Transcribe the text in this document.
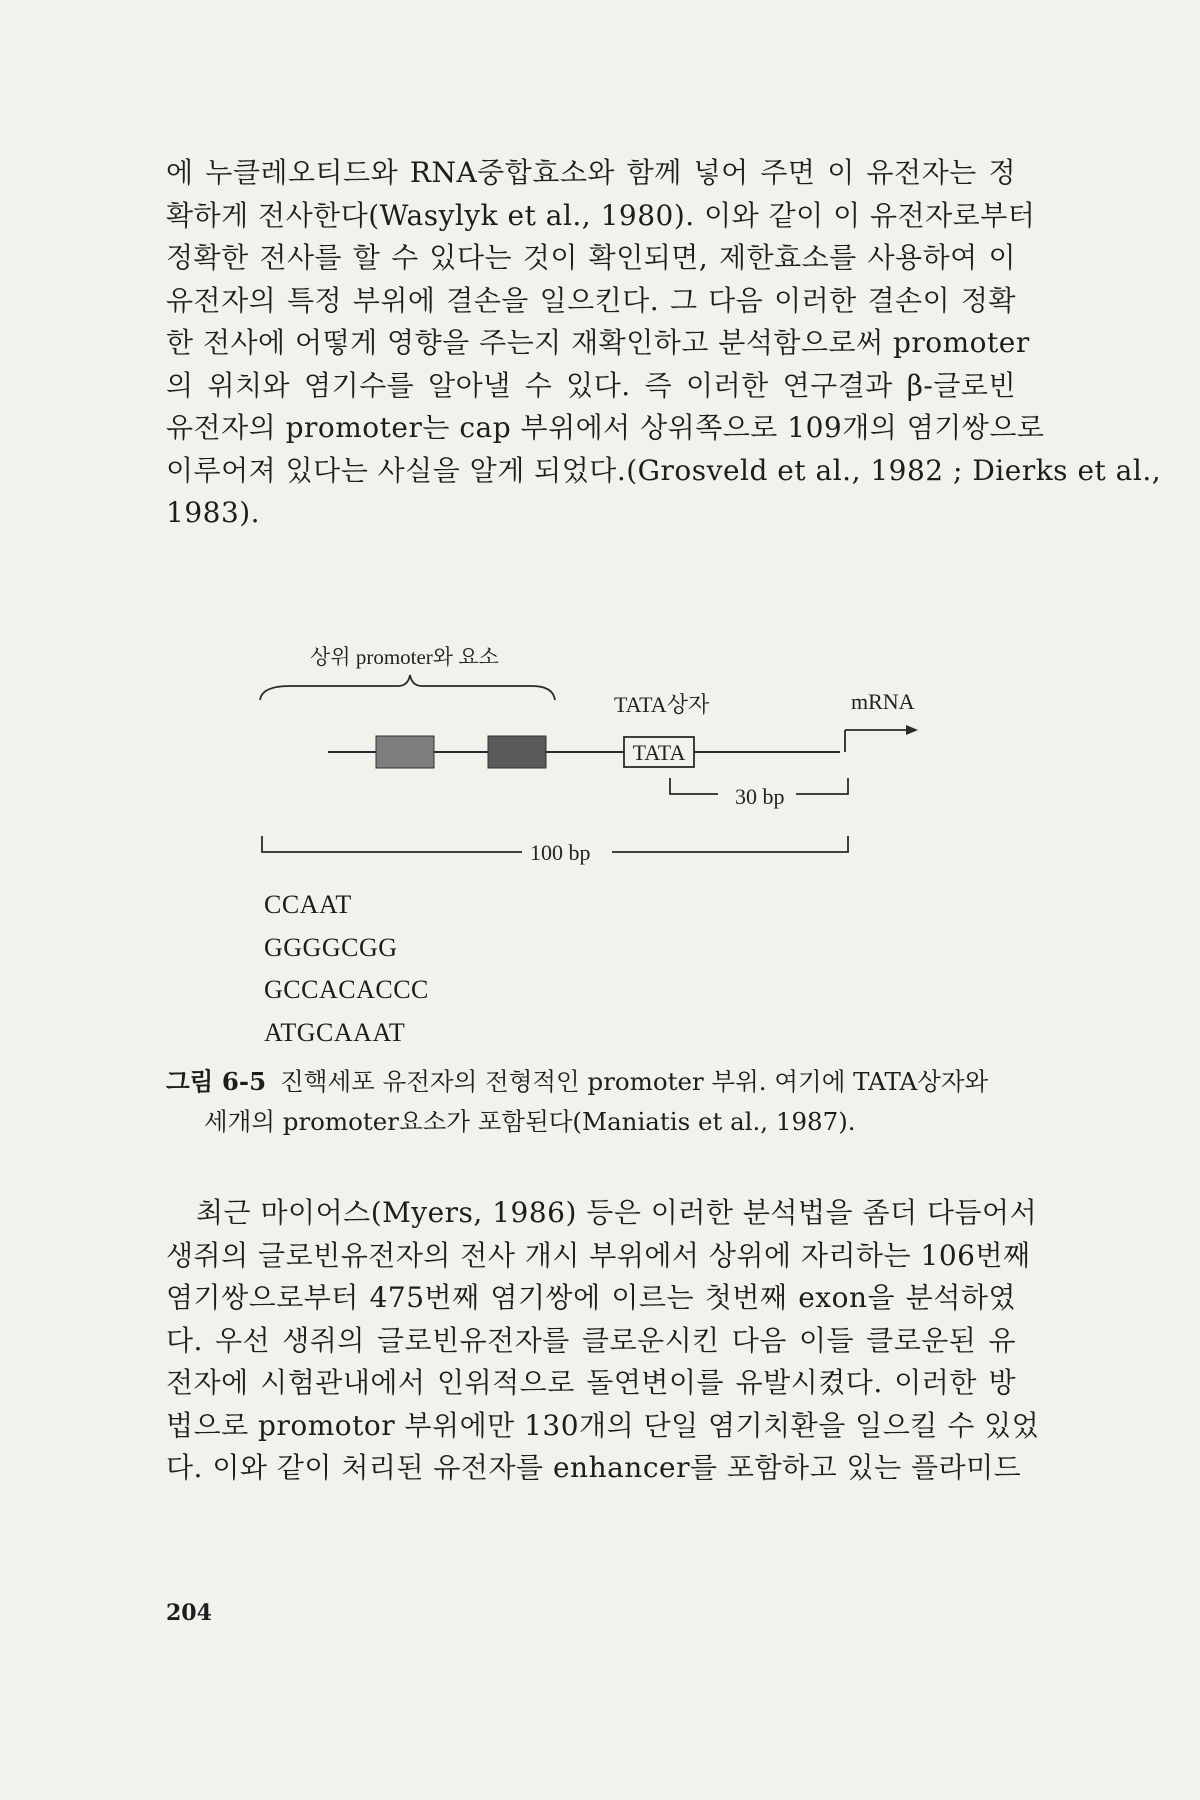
에 누클레오티드와 RNA중합효소와 함께 넣어 주면 이 유전자는 정
확하게 전사한다(Wasylyk et al., 1980). 이와 같이 이 유전자로부터
정확한 전사를 할 수 있다는 것이 확인되면, 제한효소를 사용하여 이
유전자의 특정 부위에 결손을 일으킨다. 그 다음 이러한 결손이 정확
한 전사에 어떻게 영향을 주는지 재확인하고 분석함으로써 promoter
의 위치와 염기수를 알아낼 수 있다. 즉 이러한 연구결과 β-글로빈
유전자의 promoter는 cap 부위에서 상위쪽으로 109개의 염기쌍으로
이루어져 있다는 사실을 알게 되었다.(Grosveld et al., 1982 ; Dierks et al.,
1983).

상위 promoter와 요소
TATA상자	mRNA
TATA
30 bp
100 bp
CCAAT
GGGGCGG
GCCACACCC
ATGCAAAT
그림 6-5 진핵세포 유전자의 전형적인 promoter 부위. 여기에 TATA상자와
세개의 promoter요소가 포함된다(Maniatis et al., 1987).

최근 마이어스(Myers, 1986) 등은 이러한 분석법을 좀더 다듬어서
생쥐의 글로빈유전자의 전사 개시 부위에서 상위에 자리하는 106번째
염기쌍으로부터 475번째 염기쌍에 이르는 첫번째 exon을 분석하였
다. 우선 생쥐의 글로빈유전자를 클로운시킨 다음 이들 클로운된 유
전자에 시험관내에서 인위적으로 돌연변이를 유발시켰다. 이러한 방
법으로 promotor 부위에만 130개의 단일 염기치환을 일으킬 수 있었
다. 이와 같이 처리된 유전자를 enhancer를 포함하고 있는 플라미드

204
